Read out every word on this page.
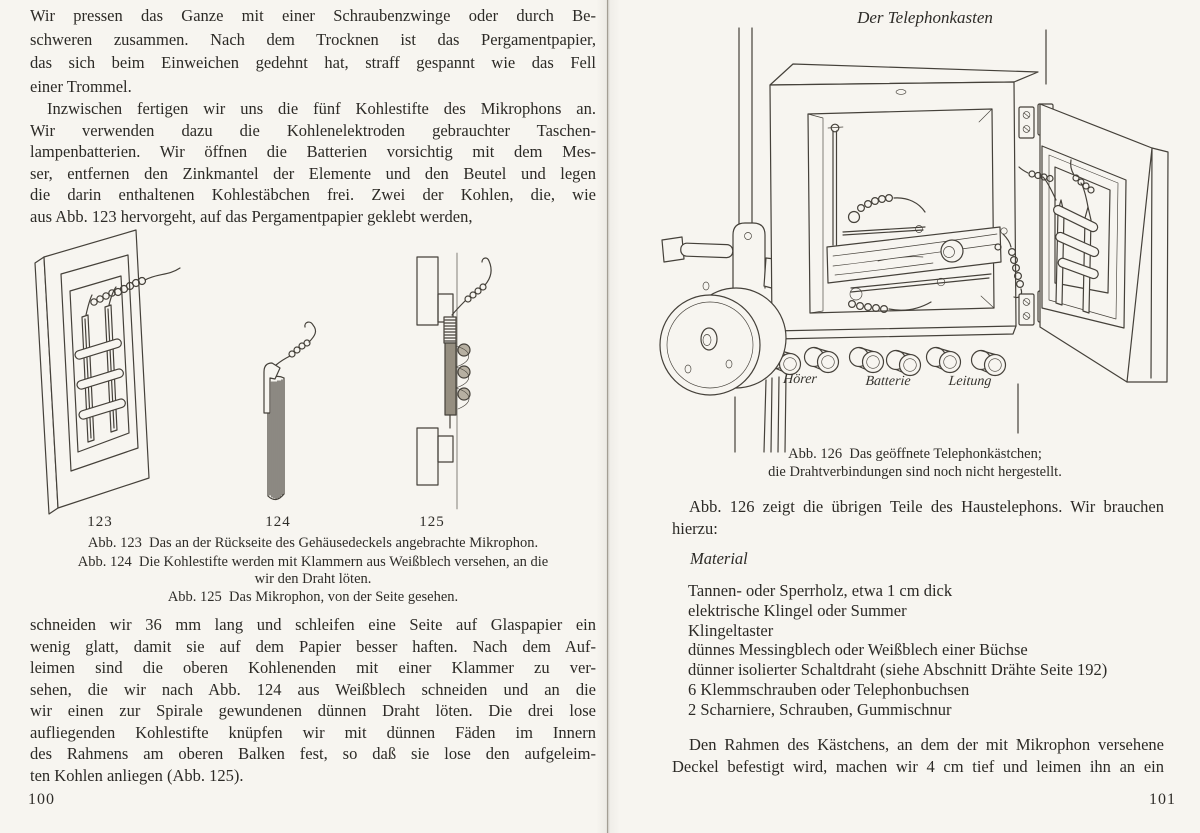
Wir pressen das Ganze mit einer Schraubenzwinge oder durch Be-
schweren zusammen. Nach dem Trocknen ist das Pergamentpapier,
das sich beim Einweichen gedehnt hat, straff gespannt wie das Fell
einer Trommel.
Inzwischen fertigen wir uns die fünf Kohlestifte des Mikrophons an.
Wir verwenden dazu die Kohlenelektroden gebrauchter Taschen-
lampenbatterien. Wir öffnen die Batterien vorsichtig mit dem Mes-
ser, entfernen den Zinkmantel der Elemente und den Beutel und legen
die darin enthaltenen Kohlestäbchen frei. Zwei der Kohlen, die, wie
aus Abb. 123 hervorgeht, auf das Pergamentpapier geklebt werden,
123	124	125
Abb. 123 Das an der Rückseite des Gehäusedeckels angebrachte Mikrophon.
Abb. 124 Die Kohlestifte werden mit Klammern aus Weißblech versehen, an die
wir den Draht löten.
Abb. 125 Das Mikrophon, von der Seite gesehen.
schneiden wir 36 mm lang und schleifen eine Seite auf Glaspapier ein
wenig glatt, damit sie auf dem Papier besser haften. Nach dem Auf-
leimen sind die oberen Kohlenenden mit einer Klammer zu ver-
sehen, die wir nach Abb. 124 aus Weißblech schneiden und an die
wir einen zur Spirale gewundenen dünnen Draht löten. Die drei lose
aufliegenden Kohlestifte knüpfen wir mit dünnen Fäden im Innern
des Rahmens am oberen Balken fest, so daß sie lose den aufgeleim-
ten Kohlen anliegen (Abb. 125).
100
Der Telephonkasten
Hörer	Batterie	Leitung
Abb. 126 Das geöffnete Telephonkästchen;
die Drahtverbindungen sind noch nicht hergestellt.
Abb. 126 zeigt die übrigen Teile des Haustelephons. Wir brauchen
hierzu:
Material
Tannen- oder Sperrholz, etwa 1 cm dick
elektrische Klingel oder Summer
Klingeltaster
dünnes Messingblech oder Weißblech einer Büchse
dünner isolierter Schaltdraht (siehe Abschnitt Drähte Seite 192)
6 Klemmschrauben oder Telephonbuchsen
2 Scharniere, Schrauben, Gummischnur
Den Rahmen des Kästchens, an dem der mit Mikrophon versehene
Deckel befestigt wird, machen wir 4 cm tief und leimen ihn an ein
101
